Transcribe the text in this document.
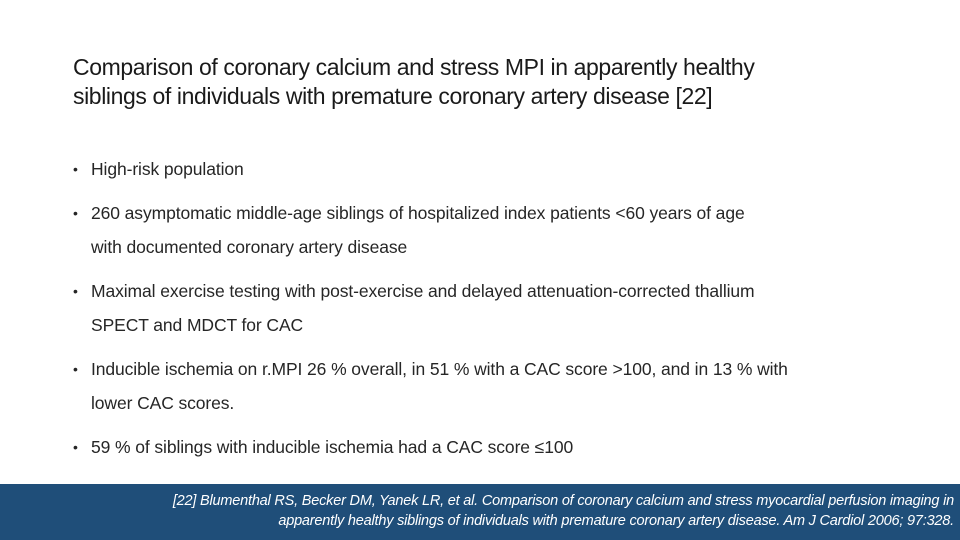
Comparison of coronary calcium and stress MPI in apparently healthy
siblings of individuals with premature coronary artery disease [22]
• High-risk population
• 260 asymptomatic middle-age siblings of hospitalized index patients <60 years of age
with documented coronary artery disease
• Maximal exercise testing with post-exercise and delayed attenuation-corrected thallium
SPECT and MDCT for CAC
• Inducible ischemia on r.MPI 26 % overall, in 51 % with a CAC score >100, and in 13 % with
lower CAC scores.
• 59 % of siblings with inducible ischemia had a CAC score ≤100
[22] Blumenthal RS, Becker DM, Yanek LR, et al. Comparison of coronary calcium and stress myocardial perfusion imaging in
apparently healthy siblings of individuals with premature coronary artery disease. Am J Cardiol 2006; 97:328.
